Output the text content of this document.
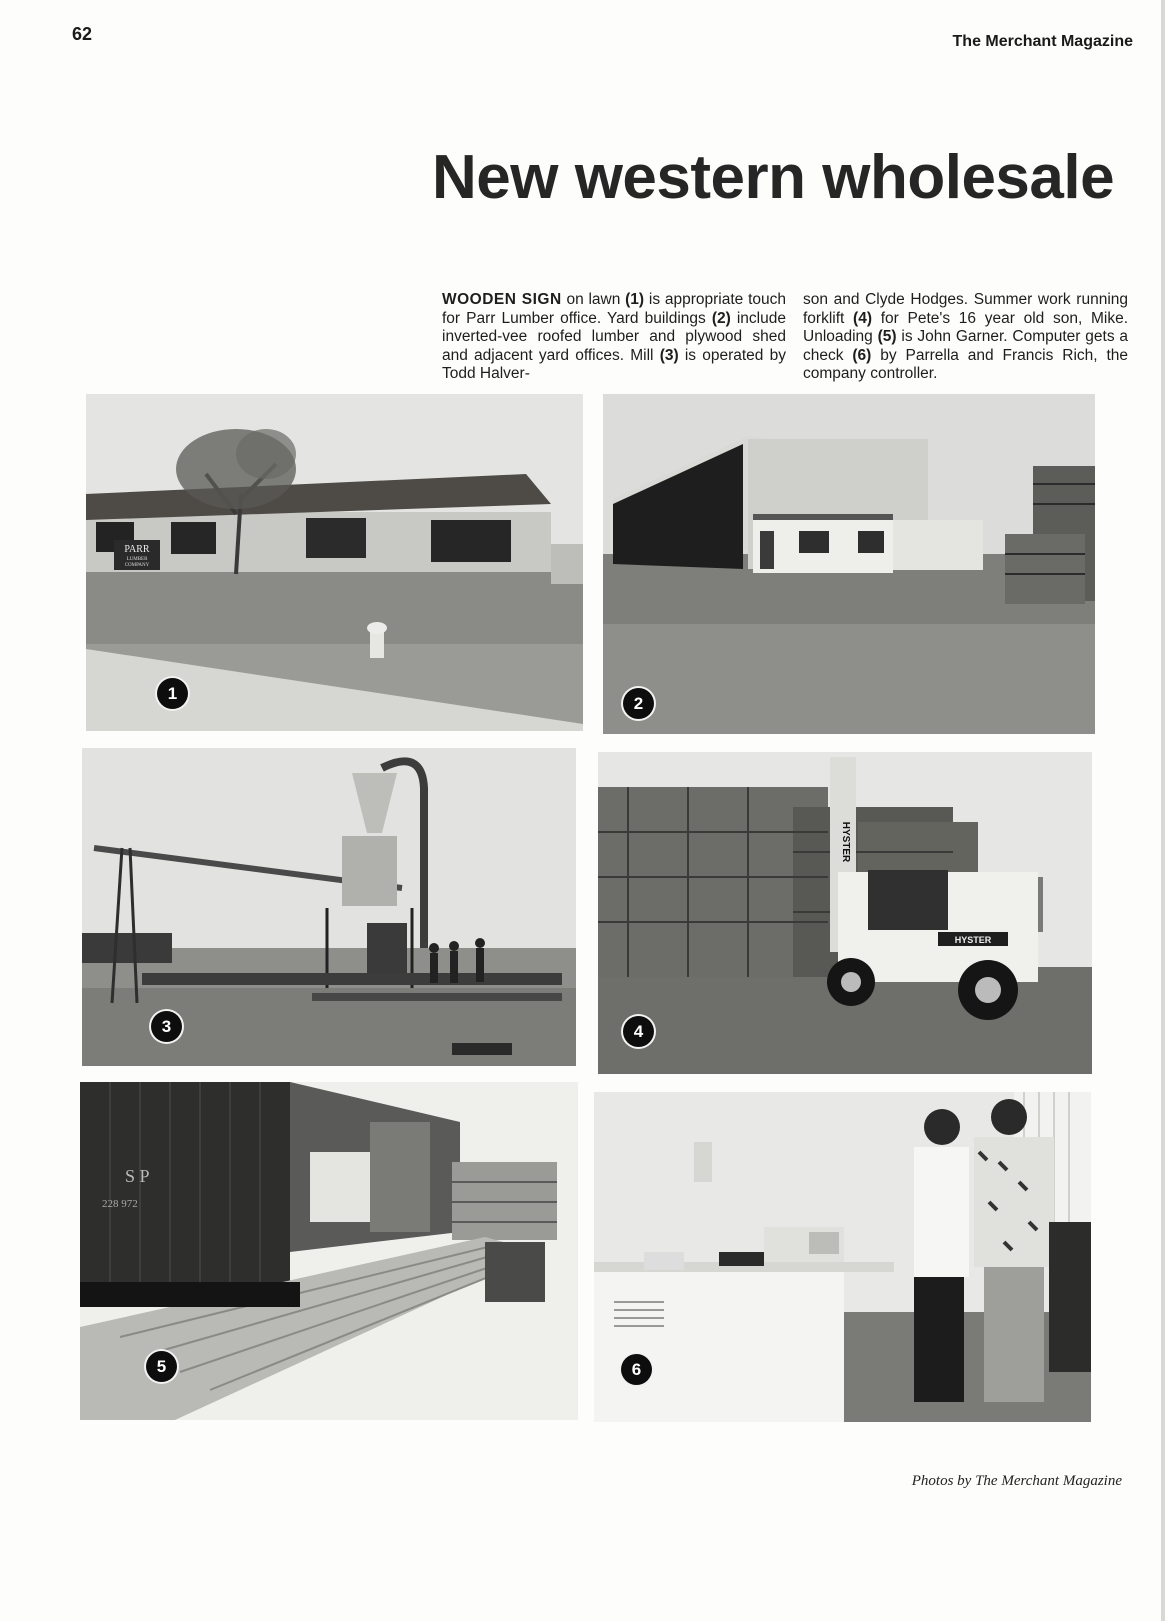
62	The Merchant Magazine
New western wholesale
WOODEN SIGN on lawn (1) is appropriate touch for Parr Lumber office. Yard buildings (2) include inverted-vee roofed lumber and plywood shed and adjacent yard offices. Mill (3) is operated by Todd Halver-
son and Clyde Hodges. Summer work running forklift (4) for Pete's 16 year old son, Mike. Unloading (5) is John Garner. Computer gets a check (6) by Parrella and Francis Rich, the company controller.
PARR
LUMBER
COMPANY
1
2
3
HYSTER
HYSTER
4
S P
228 972
5	6
Photos by The Merchant Magazine
